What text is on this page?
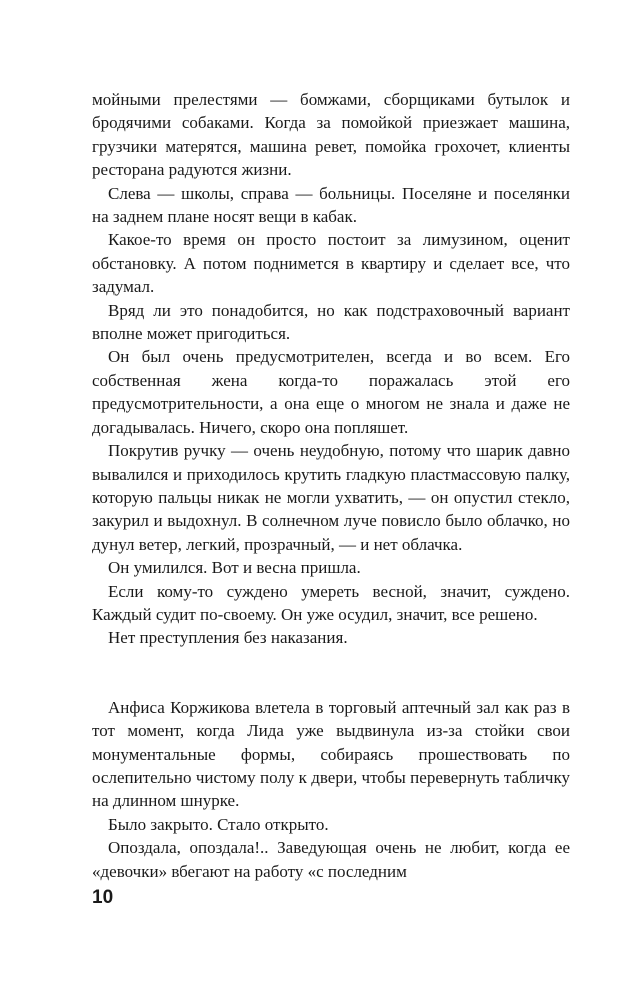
мойными прелестями — бомжами, сборщиками бутылок и бродячими собаками. Когда за помойкой приезжает машина, грузчики матерятся, машина ревет, помойка грохочет, клиенты ресторана радуются жизни.

Слева — школы, справа — больницы. Поселяне и поселянки на заднем плане носят вещи в кабак.

Какое-то время он просто постоит за лимузином, оценит обстановку. А потом поднимется в квартиру и сделает все, что задумал.

Вряд ли это понадобится, но как подстраховочный вариант вполне может пригодиться.

Он был очень предусмотрителен, всегда и во всем. Его собственная жена когда-то поражалась этой его предусмотрительности, а она еще о многом не знала и даже не догадывалась. Ничего, скоро она попляшет.

Покрутив ручку — очень неудобную, потому что шарик давно вывалился и приходилось крутить гладкую пластмассовую палку, которую пальцы никак не могли ухватить, — он опустил стекло, закурил и выдохнул. В солнечном луче повисло было облачко, но дунул ветер, легкий, прозрачный, — и нет облачка.

Он умилился. Вот и весна пришла.

Если кому-то суждено умереть весной, значит, суждено. Каждый судит по-своему. Он уже осудил, значит, все решено.

Нет преступления без наказания.

Анфиса Коржикова влетела в торговый аптечный зал как раз в тот момент, когда Лида уже выдвинула из-за стойки свои монументальные формы, собираясь прошествовать по ослепительно чистому полу к двери, чтобы перевернуть табличку на длинном шнурке.

Было закрыто. Стало открыто.

Опоздала, опоздала!.. Заведующая очень не любит, когда ее «девочки» вбегают на работу «с последним

10
